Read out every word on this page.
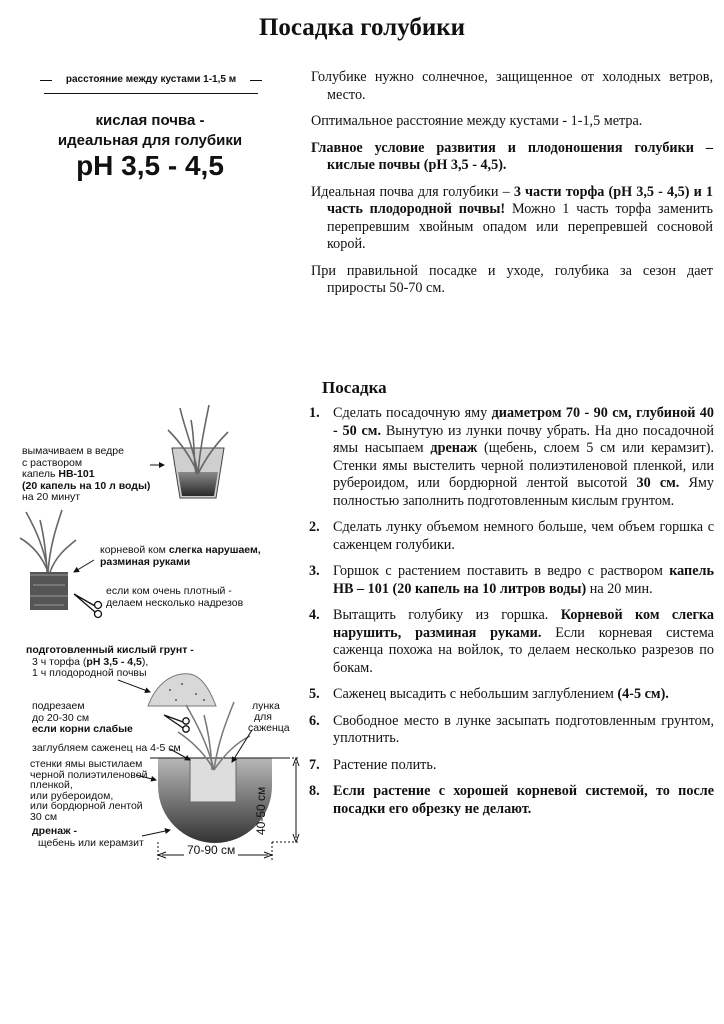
Посадка голубики
расстояние между кустами 1-1,5 м
кислая почва -
идеальная для голубики
pH 3,5 - 4,5

Голубике нужно солнечное, защищенное от холодных ветров, место.

Оптимальное расстояние между кустами - 1-1,5 метра.

Главное условие развития и плодоношения голубики – кислые почвы (pH 3,5 - 4,5).

Идеальная почва для голубики – 3 части торфа (pH 3,5 - 4,5) и 1 часть плодородной почвы! Можно 1 часть торфа заменить перепревшим хвойным опадом или перепревшей сосновой корой.

При правильной посадке и уходе, голубика за сезон дает приросты 50-70 см.

Посадка
1. Сделать посадочную яму диаметром 70 - 90 см, глубиной 40 - 50 см. Вынутую из лунки почву убрать. На дно посадочной ямы насыпаем дренаж (щебень, слоем 5 см или керамзит). Стенки ямы выстелить черной полиэтиленовой пленкой, или рубероидом, или бордюрной лентой высотой 30 см. Яму полностью заполнить подготовленным кислым грунтом.
2. Сделать лунку объемом немного больше, чем объем горшка с саженцем голубики.
3. Горшок с растением поставить в ведро с раствором капель НВ – 101 (20 капель на 10 литров воды) на 20 мин.
4. Вытащить голубику из горшка. Корневой ком слегка нарушить, разминая руками. Если корневая система саженца похожа на войлок, то делаем несколько разрезов по бокам.
5. Саженец высадить с небольшим заглублением (4-5 см).
6. Свободное место в лунке засыпать подготовленным грунтом, уплотнить.
7. Растение полить.
8. Если растение с хорошей корневой системой, то после посадки его обрезку не делают.
вымачиваем в ведре
с раствором
капель НВ-101
(20 капель на 10 л воды)
на 20 минут
корневой ком слегка нарушаем,
разминая руками
если ком очень плотный -
делаем несколько надрезов
подготовленный кислый грунт -
3 ч торфа (pH 3,5 - 4,5),
1 ч плодородной почвы
подрезаем
до 20-30 см
если корни слабые
лунка
для
саженца
заглубляем саженец на 4-5 см
стенки ямы выстилаем
черной полиэтиленовой
пленкой,
или рубероидом,
или бордюрной лентой
30 см
дренаж -
щебень или керамзит
40-50 см
70-90 см
